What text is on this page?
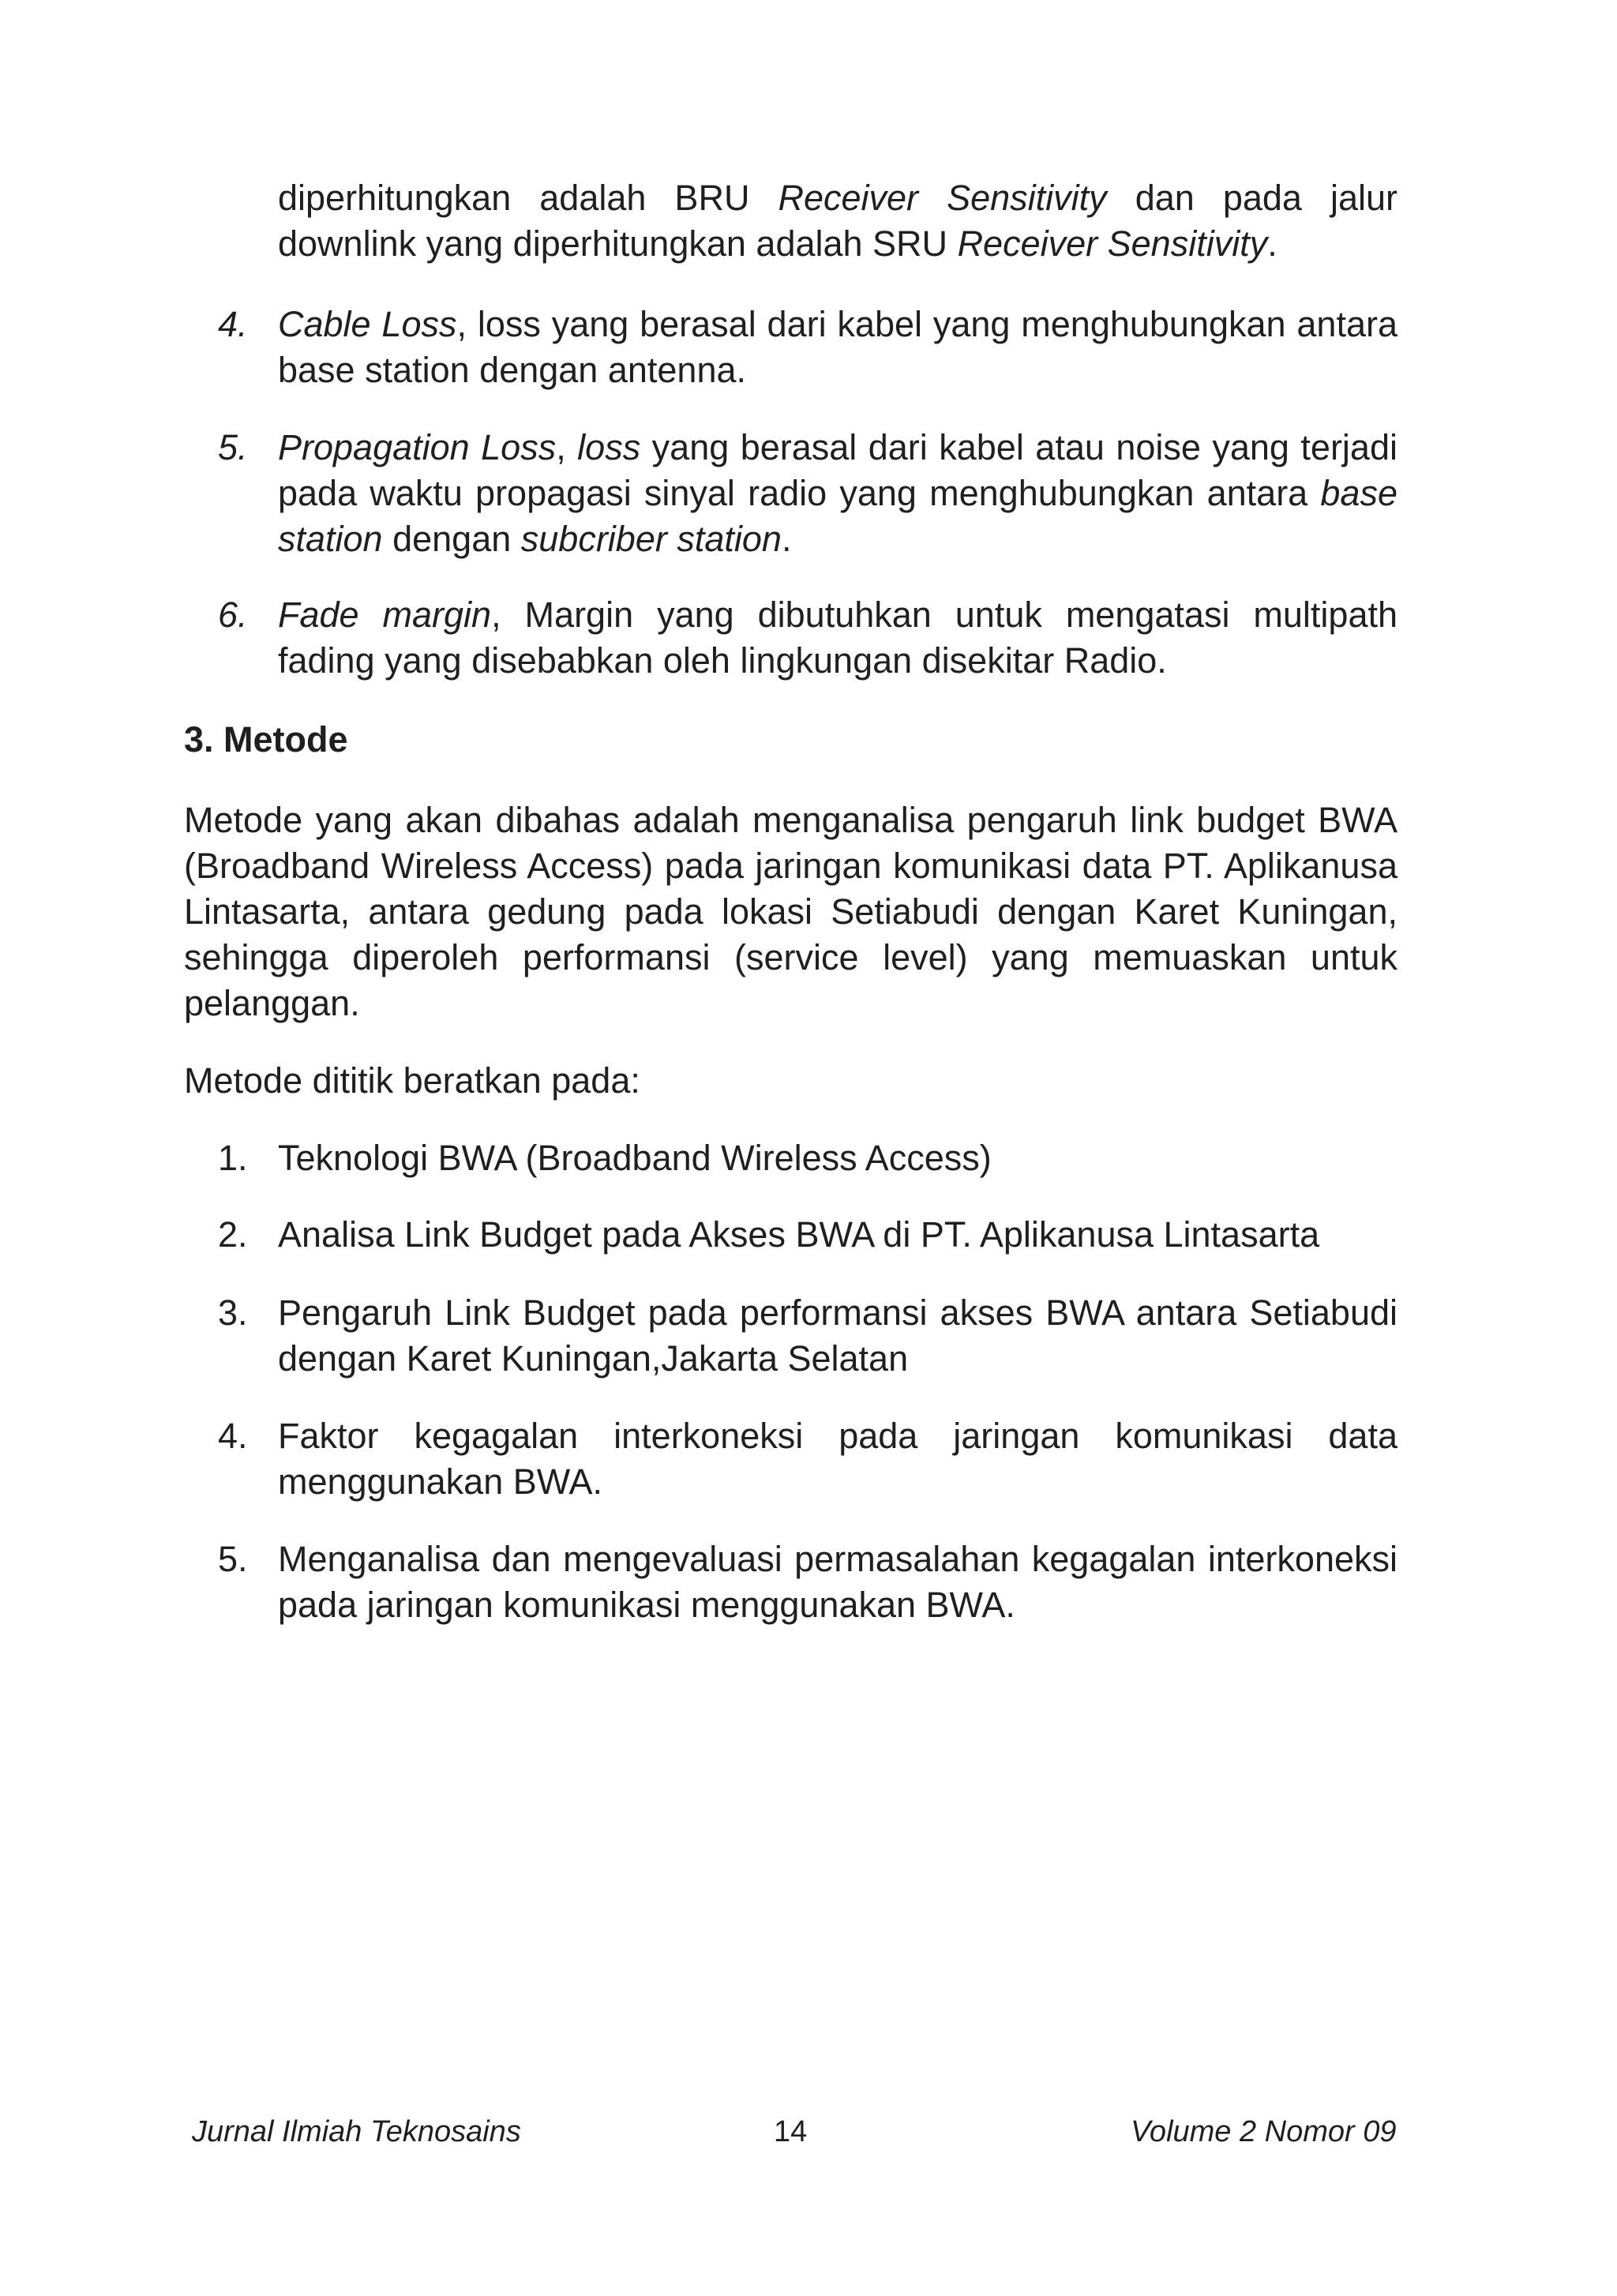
diperhitungkan adalah BRU Receiver Sensitivity dan pada jalur downlink yang diperhitungkan adalah SRU Receiver Sensitivity.
4. Cable Loss, loss yang berasal dari kabel yang menghubungkan antara base station dengan antenna.
5. Propagation Loss, loss yang berasal dari kabel atau noise yang terjadi pada waktu propagasi sinyal radio yang menghubungkan antara base station dengan subcriber station.
6. Fade margin, Margin yang dibutuhkan untuk mengatasi multipath fading yang disebabkan oleh lingkungan disekitar Radio.
3. Metode
Metode yang akan dibahas adalah menganalisa pengaruh link budget BWA (Broadband Wireless Access) pada jaringan komunikasi data PT. Aplikanusa Lintasarta, antara gedung pada lokasi Setiabudi dengan Karet Kuningan, sehingga diperoleh performansi (service level) yang memuaskan untuk pelanggan.
Metode dititik beratkan pada:
1. Teknologi BWA (Broadband Wireless Access)
2. Analisa Link Budget pada Akses BWA di PT. Aplikanusa Lintasarta
3. Pengaruh Link Budget pada performansi akses BWA antara Setiabudi dengan Karet Kuningan,Jakarta Selatan
4. Faktor kegagalan interkoneksi pada jaringan komunikasi data menggunakan BWA.
5. Menganalisa dan mengevaluasi permasalahan kegagalan interkoneksi pada jaringan komunikasi menggunakan BWA.
Jurnal Ilmiah Teknosains	14	Volume 2 Nomor 09
